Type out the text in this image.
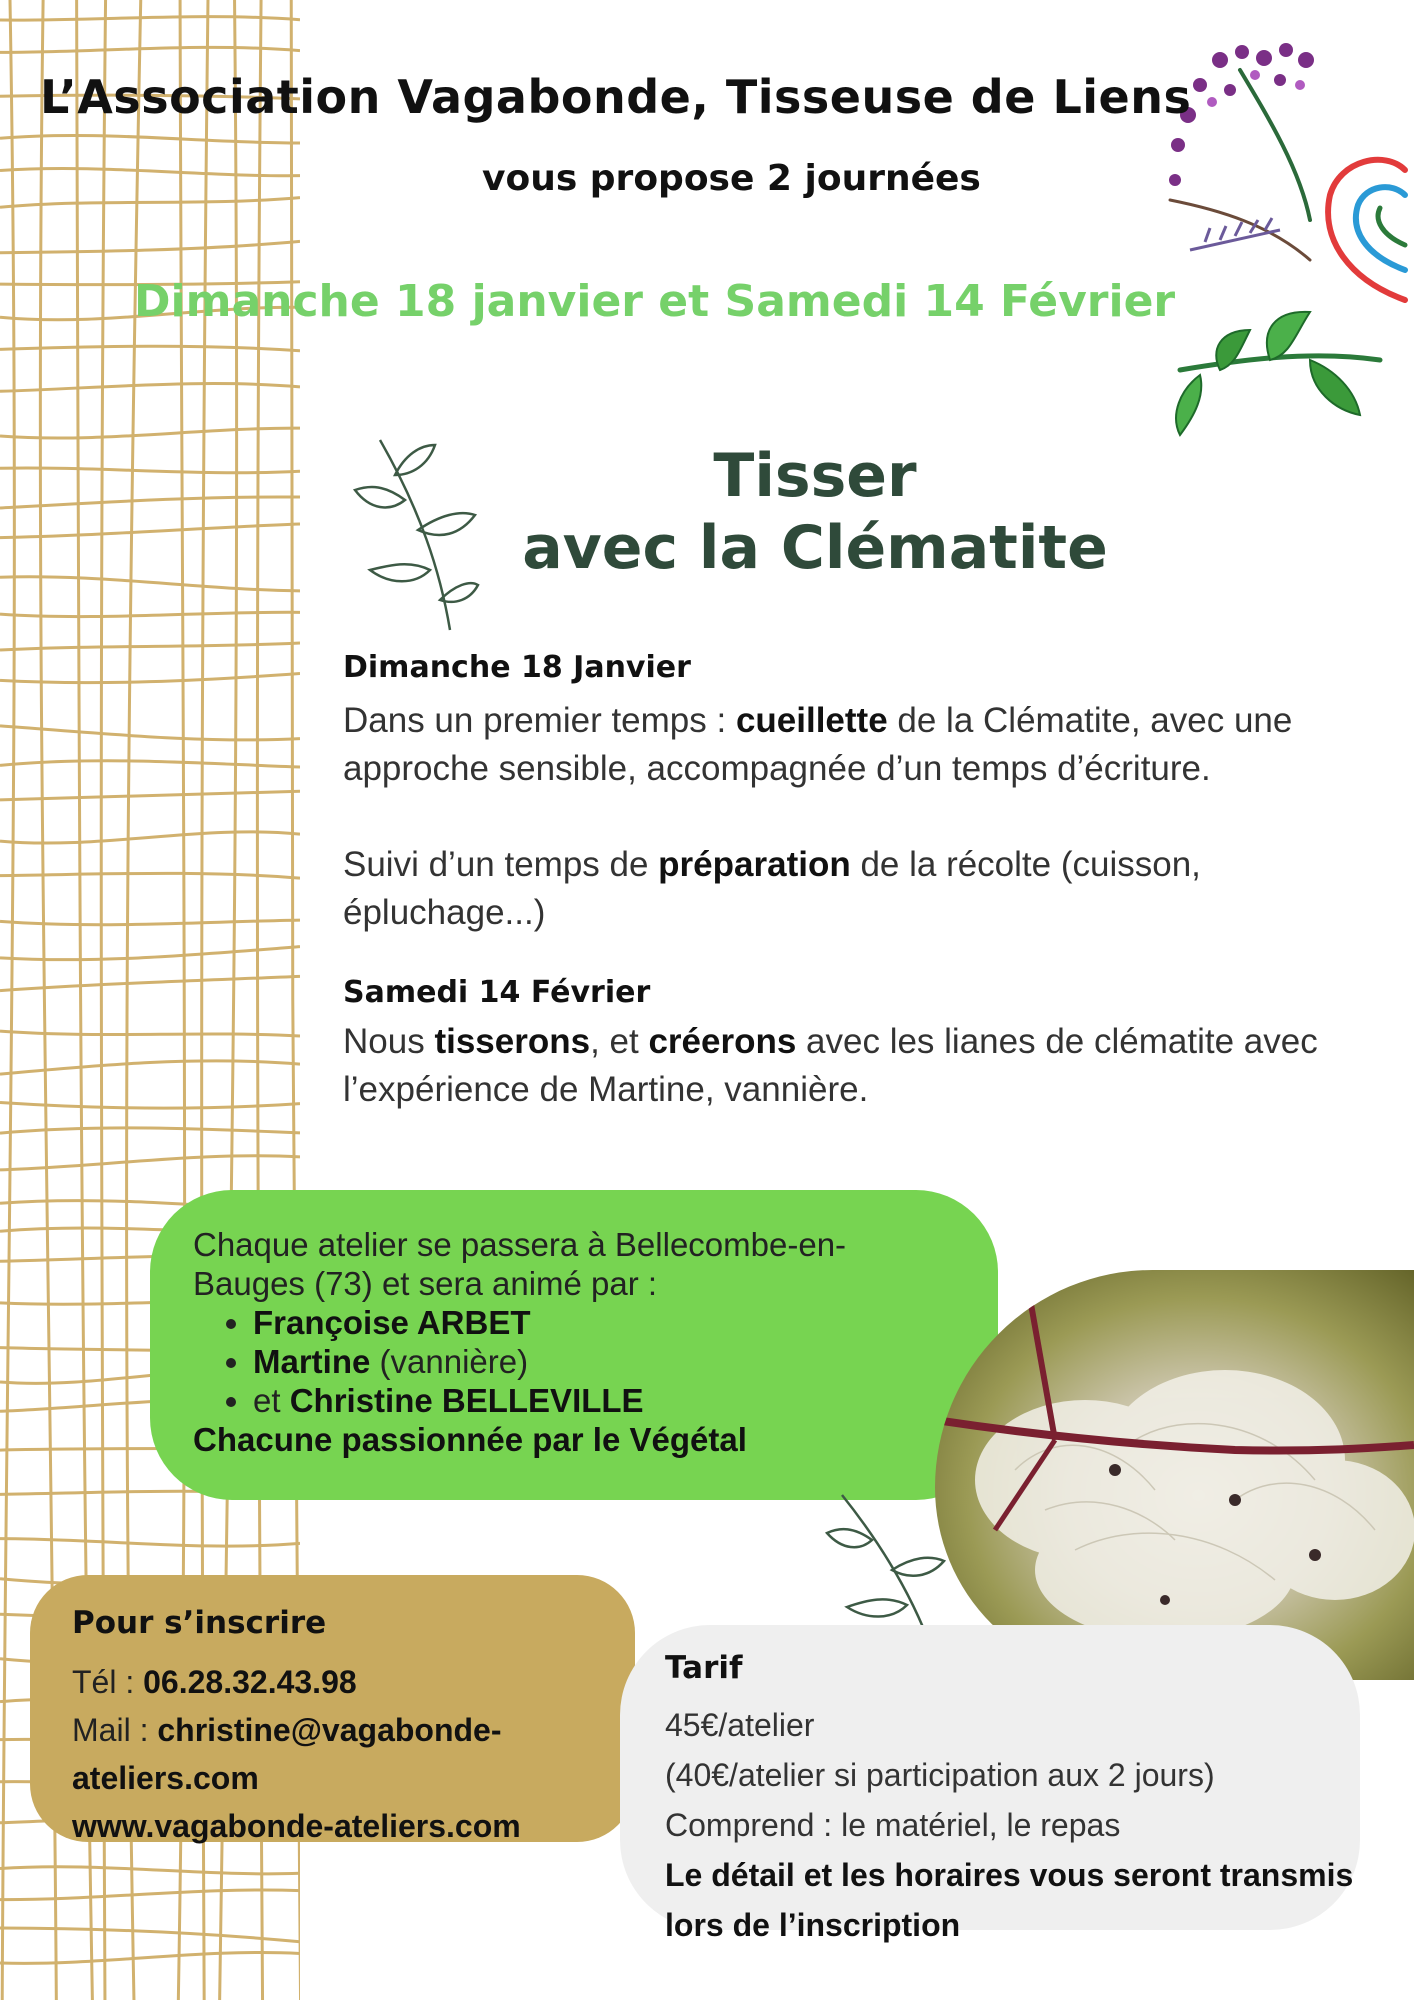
L’Association Vagabonde, Tisseuse de Liens
vous propose 2 journées
Dimanche 18 janvier et Samedi 14 Février
Tisser
avec la Clématite
Dimanche 18 Janvier
Dans un premier temps : cueillette de la Clématite, avec une approche sensible, accompagnée d’un temps d’écriture.
Suivi d’un temps de préparation de la récolte (cuisson, épluchage...)
Samedi 14 Février
Nous tisserons, et créerons avec les lianes de clématite avec l’expérience de Martine, vannière.
Chaque atelier se passera à Bellecombe-en-Bauges (73) et sera animé par :
• Françoise ARBET
• Martine (vannière)
• et Christine BELLEVILLE
Chacune passionnée par le Végétal
Pour s’inscrire
Tél : 06.28.32.43.98
Mail : christine@vagabonde-ateliers.com
www.vagabonde-ateliers.com
Tarif
45€/atelier
(40€/atelier si participation aux 2 jours)
Comprend : le matériel, le repas
Le détail et les horaires vous seront transmis lors de l’inscription
